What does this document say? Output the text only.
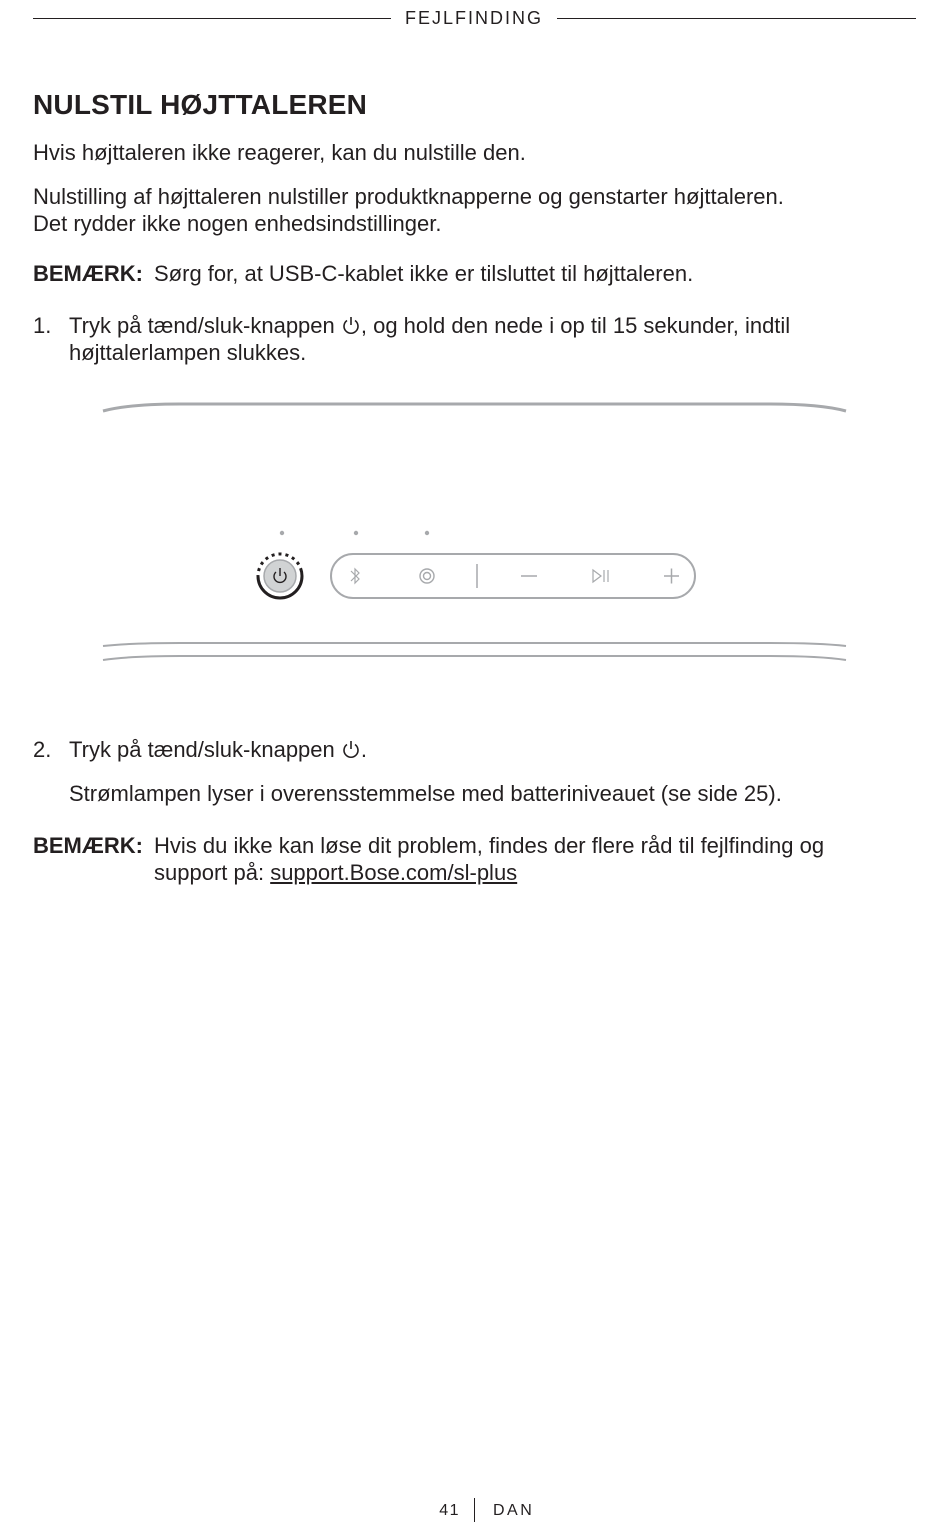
FEJLFINDING
NULSTIL HØJTTALEREN

Hvis højttaleren ikke reagerer, kan du nulstille den.

Nulstilling af højttaleren nulstiller produktknapperne og genstarter højttaleren.
Det rydder ikke nogen enhedsindstillinger.

BEMÆRK: Sørg for, at USB-C-kablet ikke er tilsluttet til højttaleren.
1. Tryk på tænd/sluk-knappen , og hold den nede i op til 15 sekunder, indtil
højttalerlampen slukkes.
2. Tryk på tænd/sluk-knappen .
Strømlampen lyser i overensstemmelse med batteriniveauet (se side 25).
BEMÆRK: Hvis du ikke kan løse dit problem, findes der flere råd til fejlfinding og
support på: support.Bose.com/sl-plus
41 DAN
